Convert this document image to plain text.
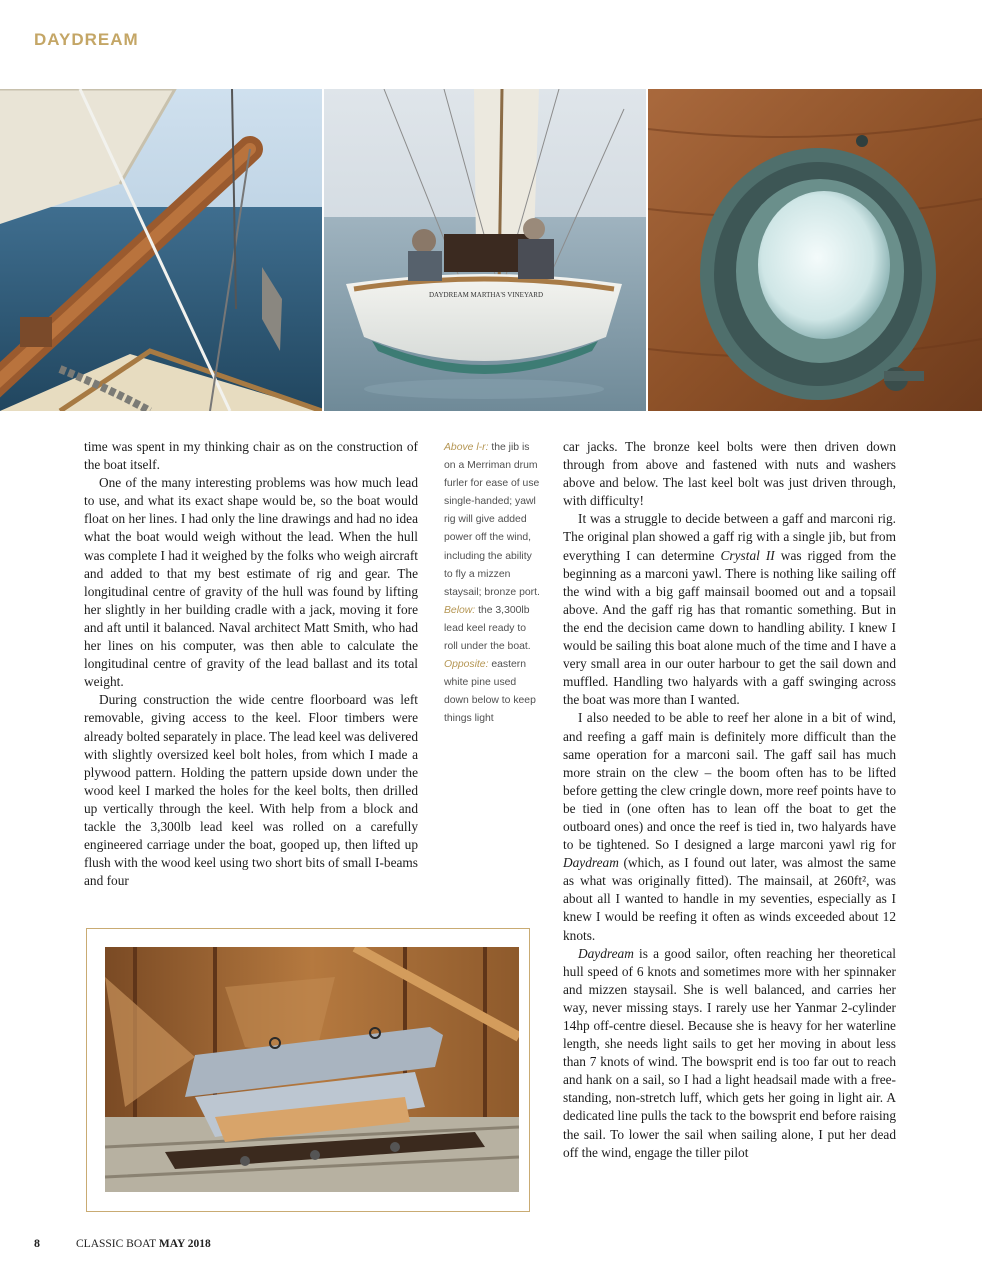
DAYDREAM
DAYDREAM MARTHA'S VINEYARD

time was spent in my thinking chair as on the construction of the boat itself.

One of the many interesting problems was how much lead to use, and what its exact shape would be, so the boat would float on her lines. I had only the line drawings and had no idea what the boat would weigh without the lead. When the hull was complete I had it weighed by the folks who weigh aircraft and added to that my best estimate of rig and gear. The longitudinal centre of gravity of the hull was found by lifting her slightly in her building cradle with a jack, moving it fore and aft until it balanced. Naval architect Matt Smith, who had her lines on his computer, was then able to calculate the longitudinal centre of gravity of the lead ballast and its total weight.

During construction the wide centre floorboard was left removable, giving access to the keel. Floor timbers were already bolted separately in place. The lead keel was delivered with slightly oversized keel bolt holes, from which I made a plywood pattern. Holding the pattern upside down under the wood keel I marked the holes for the keel bolts, then drilled up vertically through the keel. With help from a block and tackle the 3,300lb lead keel was rolled on a carefully engineered carriage under the boat, gooped up, then lifted up flush with the wood keel using two short bits of small I-beams and four

Above l-r: the jib is on a Merriman drum furler for ease of use single-handed; yawl rig will give added power off the wind, including the ability to fly a mizzen staysail; bronze port. Below: the 3,300lb lead keel ready to roll under the boat. Opposite: eastern white pine used down below to keep things light

car jacks. The bronze keel bolts were then driven down through from above and fastened with nuts and washers above and below. The last keel bolt was just driven through, with difficulty!

It was a struggle to decide between a gaff and marconi rig. The original plan showed a gaff rig with a single jib, but from everything I can determine Crystal II was rigged from the beginning as a marconi yawl. There is nothing like sailing off the wind with a big gaff mainsail boomed out and a topsail above. And the gaff rig has that romantic something. But in the end the decision came down to handling ability. I knew I would be sailing this boat alone much of the time and I have a very small area in our outer harbour to get the sail down and muffled. Handling two halyards with a gaff swinging across the boat was more than I wanted.

I also needed to be able to reef her alone in a bit of wind, and reefing a gaff main is definitely more difficult than the same operation for a marconi sail. The gaff sail has much more strain on the clew – the boom often has to be lifted before getting the clew cringle down, more reef points have to be tied in (one often has to lean off the boat to get the outboard ones) and once the reef is tied in, two halyards have to be tightened. So I designed a large marconi yawl rig for Daydream (which, as I found out later, was almost the same as what was originally fitted). The mainsail, at 260ft², was about all I wanted to handle in my seventies, especially as I knew I would be reefing it often as winds exceeded about 12 knots.

Daydream is a good sailor, often reaching her theoretical hull speed of 6 knots and sometimes more with her spinnaker and mizzen staysail. She is well balanced, and carries her way, never missing stays. I rarely use her Yanmar 2-cylinder 14hp off-centre diesel. Because she is heavy for her waterline length, she needs light sails to get her moving in about less than 7 knots of wind. The bowsprit end is too far out to reach and hank on a sail, so I had a light headsail made with a free-standing, non-stretch luff, which gets her going in light air. A dedicated line pulls the tack to the bowsprit end before raising the sail. To lower the sail when sailing alone, I put her dead off the wind, engage the tiller pilot

8	CLASSIC BOAT MAY 2018
